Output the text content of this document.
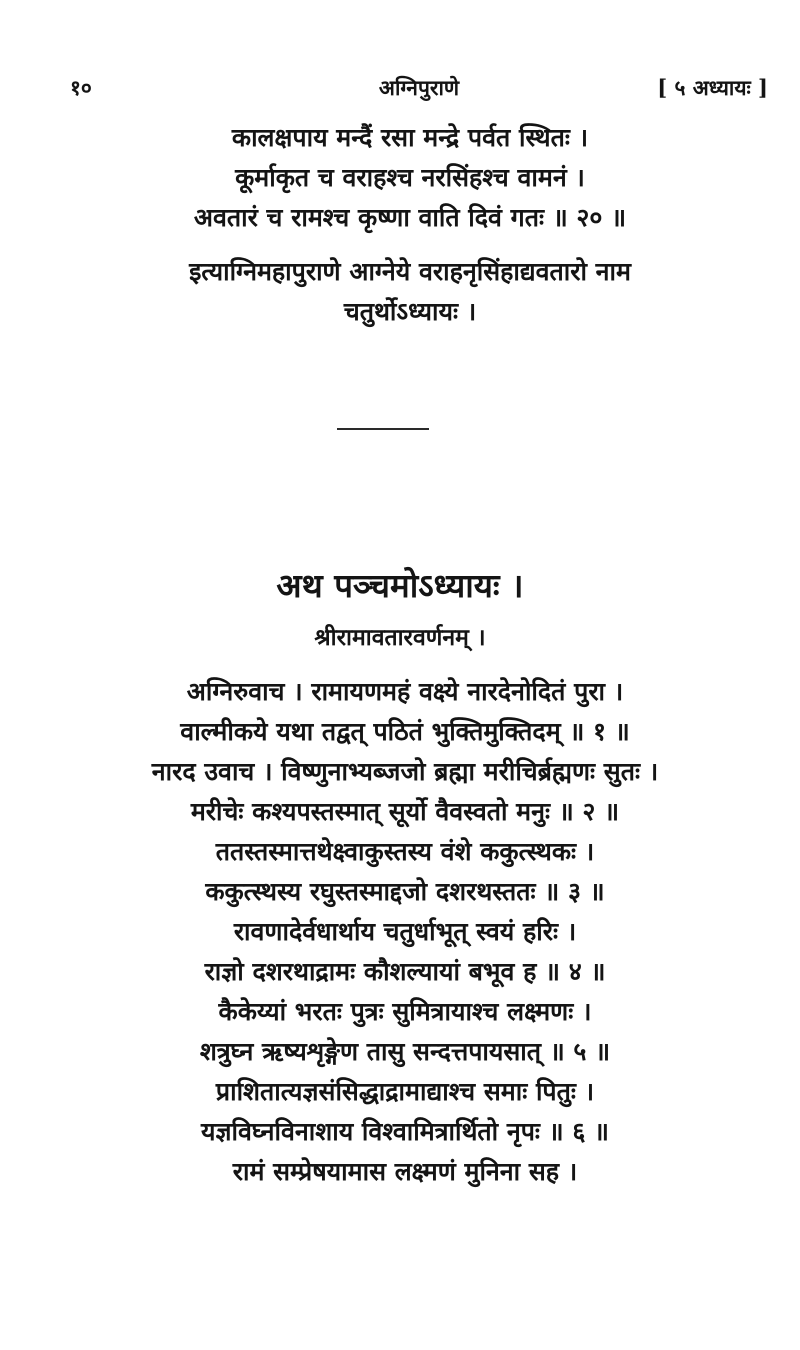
१०	अग्निपुराणे	[ ५ अध्यायः ]
कालक्षपाय मन्दैं रसा मन्द्रे पर्वत स्थितः ।
कूर्माकृत च वराहश्च नरसिंहश्च वामनं ।
अवतारं च रामश्च कृष्णा वाति दिवं गतः ॥ २० ॥
इत्याग्निमहापुराणे आग्नेये वराहनृसिंहाद्यवतारो नाम
चतुर्थोऽध्यायः ।
अथ पञ्चमोऽध्यायः ।
श्रीरामावतारवर्णनम् ।
अग्निरुवाच । रामायणमहं वक्ष्ये नारदेनोदितं पुरा ।
वाल्मीकये यथा तद्वत् पठितं भुक्तिमुक्तिदम् ॥ १ ॥
नारद उवाच । विष्णुनाभ्यब्जजो ब्रह्मा मरीचिर्ब्रह्मणः सुतः ।
मरीचेः कश्यपस्तस्मात् सूर्यो वैवस्वतो मनुः ॥ २ ॥
ततस्तस्मात्तथेक्ष्वाकुस्तस्य वंशे ककुत्स्थकः ।
ककुत्स्थस्य रघुस्तस्माद्दजो दशरथस्ततः ॥ ३ ॥
रावणादेर्वधार्थाय चतुर्धाभूत् स्वयं हरिः ।
राज्ञो दशरथाद्रामः कौशल्यायां बभूव ह ॥ ४ ॥
कैकेय्यां भरतः पुत्रः सुमित्रायाश्च लक्ष्मणः ।
शत्रुघ्न ऋष्यशृङ्गेण तासु सन्दत्तपायसात् ॥ ५ ॥
प्राशितात्यज्ञसंसिद्धाद्रामाद्याश्च समाः पितुः ।
यज्ञविघ्नविनाशाय विश्वामित्रार्थितो नृपः ॥ ६ ॥
रामं सम्प्रेषयामास लक्ष्मणं मुनिना सह ।
